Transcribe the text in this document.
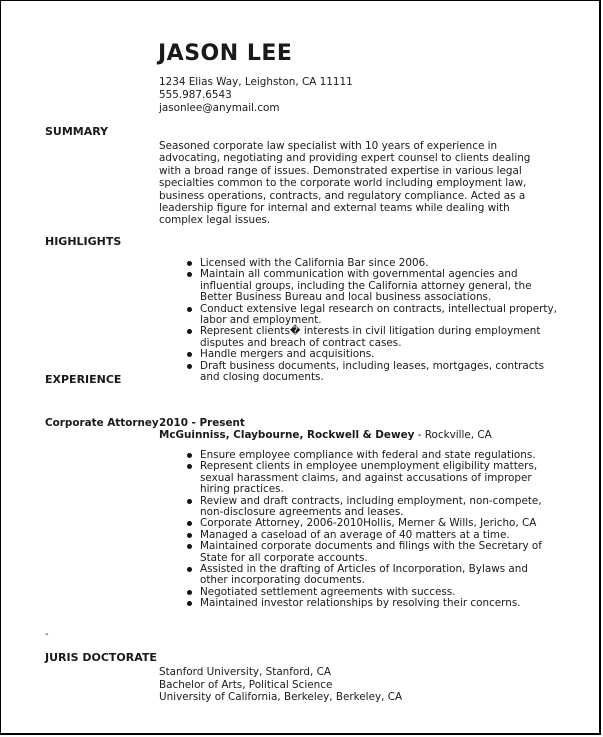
JASON LEE
1234 Elias Way, Leighston, CA 11111
555.987.6543
jasonlee@anymail.com
SUMMARY
Seasoned corporate law specialist with 10 years of experience in advocating, negotiating and providing expert counsel to clients dealing with a broad range of issues. Demonstrated expertise in various legal specialties common to the corporate world including employment law, business operations, contracts, and regulatory compliance. Acted as a leadership figure for internal and external teams while dealing with complex legal issues.
HIGHLIGHTS
Licensed with the California Bar since 2006.
Maintain all communication with governmental agencies and influential groups, including the California attorney general, the Better Business Bureau and local business associations.
Conduct extensive legal research on contracts, intellectual property, labor and employment.
Represent clients� interests in civil litigation during employment disputes and breach of contract cases.
Handle mergers and acquisitions.
Draft business documents, including leases, mortgages, contracts and closing documents.
EXPERIENCE
Corporate Attorney 2010 - Present
McGuinniss, Claybourne, Rockwell & Dewey - Rockville, CA
Ensure employee compliance with federal and state regulations.
Represent clients in employee unemployment eligibility matters, sexual harassment claims, and against accusations of improper hiring practices.
Review and draft contracts, including employment, non-compete, non-disclosure agreements and leases.
Corporate Attorney, 2006-2010Hollis, Merner & Wills, Jericho, CA
Managed a caseload of an average of 40 matters at a time.
Maintained corporate documents and filings with the Secretary of State for all corporate accounts.
Assisted in the drafting of Articles of Incorporation, Bylaws and other incorporating documents.
Negotiated settlement agreements with success.
Maintained investor relationships by resolving their concerns.
-
JURIS DOCTORATE
Stanford University, Stanford, CA
Bachelor of Arts, Political Science
University of California, Berkeley, Berkeley, CA
